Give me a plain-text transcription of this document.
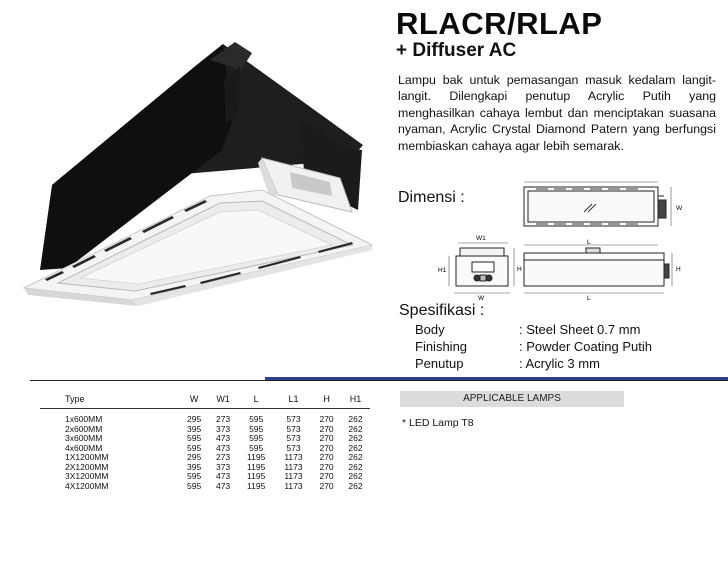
RLACR/RLAP
+ Diffuser AC
Lampu bak untuk pemasangan masuk kedalam langit-langit. Dilengkapi penutup Acrylic Putih yang menghasilkan cahaya lembut dan menciptakan suasana nyaman, Acrylic Crystal Diamond Patern yang berfungsi membiaskan cahaya agar lebih semarak.
Dimensi :
W
L
H
L
W1
H1	H
W
Spesifikasi :
Body	: Steel Sheet 0.7 mm
Finishing	: Powder Coating Putih
Penutup	: Acrylic 3 mm
Type	W	W1	L	L1	H	H1

1x600MM	295	273	595	573	270	262
2x600MM	395	373	595	573	270	262
3x600MM	595	473	595	573	270	262
4x600MM	595	473	595	573	270	262
1X1200MM	295	273	1195	1173	270	262
2X1200MM	395	373	1195	1173	270	262
3X1200MM	595	473	1195	1173	270	262
4X1200MM	595	473	1195	1173	270	262
APPLICABLE LAMPS
* LED Lamp T8
